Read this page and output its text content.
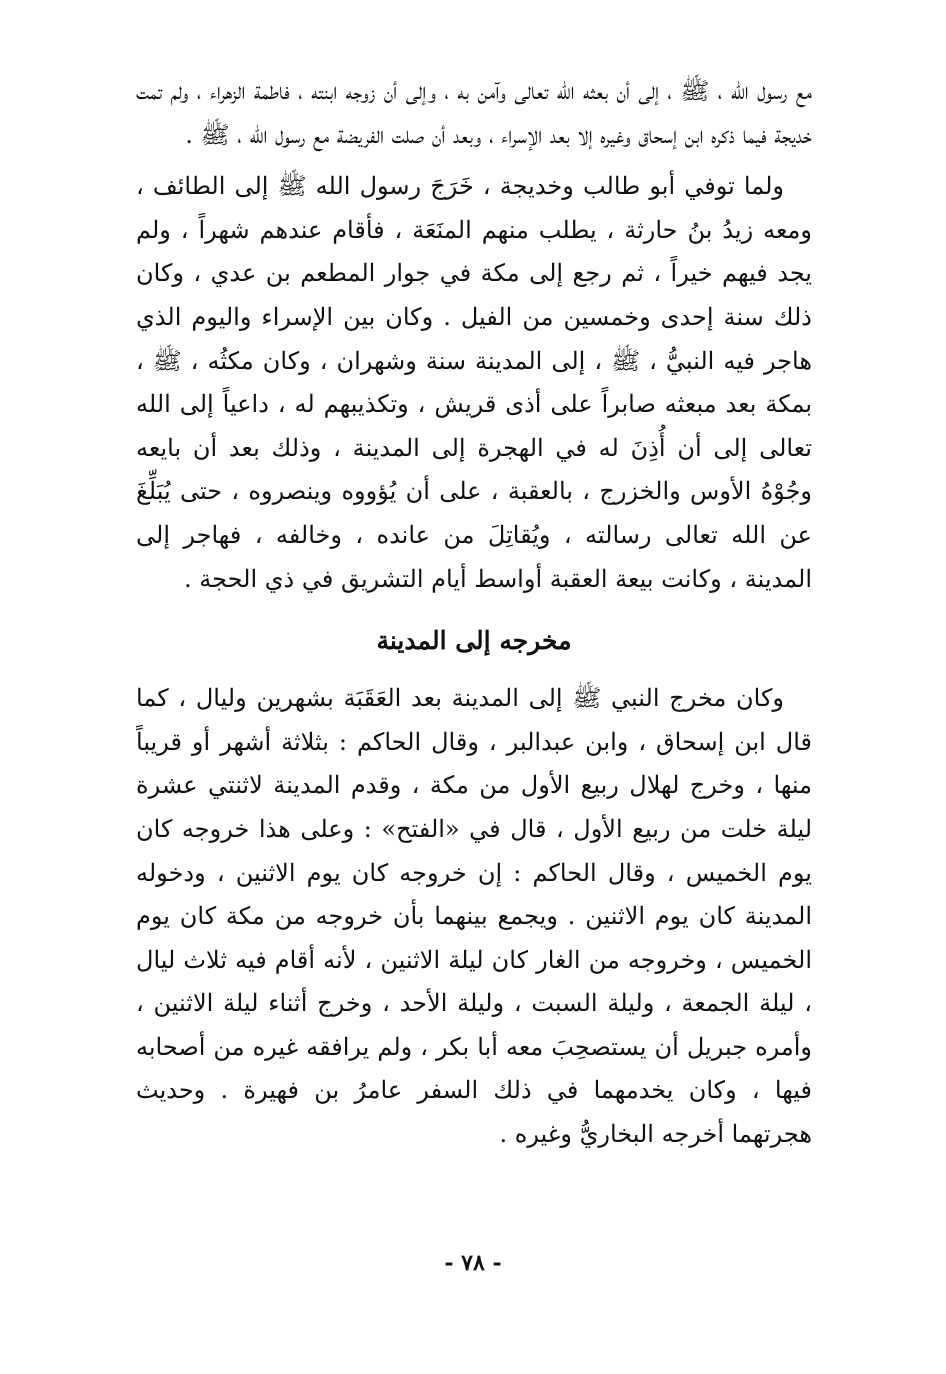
مع رسول الله ، ﷺ ، إلى أن بعثه الله تعالى وآمن به ، وإلى أن زوجه ابنته ، فاطمة الزهراء ، ولم تمت خديجة فيما ذكره ابن إسحاق وغيره إلا بعد الإسراء ، وبعد أن صلت الفريضة مع رسول الله ، ﷺ .

ولما توفي أبو طالب وخديجة ، خَرَجَ رسول الله ﷺ إلى الطائف ، ومعه زيدُ بنُ حارثة ، يطلب منهم المنَعَة ، فأقام عندهم شهراً ، ولم يجد فيهم خيراً ، ثم رجع إلى مكة في جوار المطعم بن عدي ، وكان ذلك سنة إحدى وخمسين من الفيل . وكان بين الإسراء واليوم الذي هاجر فيه النبيُّ ، ﷺ ، إلى المدينة سنة وشهران ، وكان مكثُه ، ﷺ ، بمكة بعد مبعثه صابراً على أذى قريش ، وتكذيبهم له ، داعياً إلى الله تعالى إلى أن أُذِنَ له في الهجرة إلى المدينة ، وذلك بعد أن بايعه وجُوْهُ الأوس والخزرج ، بالعقبة ، على أن يُؤووه وينصروه ، حتى يُبَلِّغَ عن الله تعالى رسالته ، ويُقاتِلَ من عانده ، وخالفه ، فهاجر إلى المدينة ، وكانت بيعة العقبة أواسط أيام التشريق في ذي الحجة .

مخرجه إلى المدينة

وكان مخرج النبي ﷺ إلى المدينة بعد العَقَبَة بشهرين وليال ، كما قال ابن إسحاق ، وابن عبدالبر ، وقال الحاكم : بثلاثة أشهر أو قريباً منها ، وخرج لهلال ربيع الأول من مكة ، وقدم المدينة لاثنتي عشرة ليلة خلت من ربيع الأول ، قال في «الفتح» : وعلى هذا خروجه كان يوم الخميس ، وقال الحاكم : إن خروجه كان يوم الاثنين ، ودخوله المدينة كان يوم الاثنين . ويجمع بينهما بأن خروجه من مكة كان يوم الخميس ، وخروجه من الغار كان ليلة الاثنين ، لأنه أقام فيه ثلاث ليال ، ليلة الجمعة ، وليلة السبت ، وليلة الأحد ، وخرج أثناء ليلة الاثنين ، وأمره جبريل أن يستصحِبَ معه أبا بكر ، ولم يرافقه غيره من أصحابه فيها ، وكان يخدمهما في ذلك السفر عامرُ بن فهيرة . وحديث هجرتهما أخرجه البخاريُّ وغيره .

- ٧٨ -
